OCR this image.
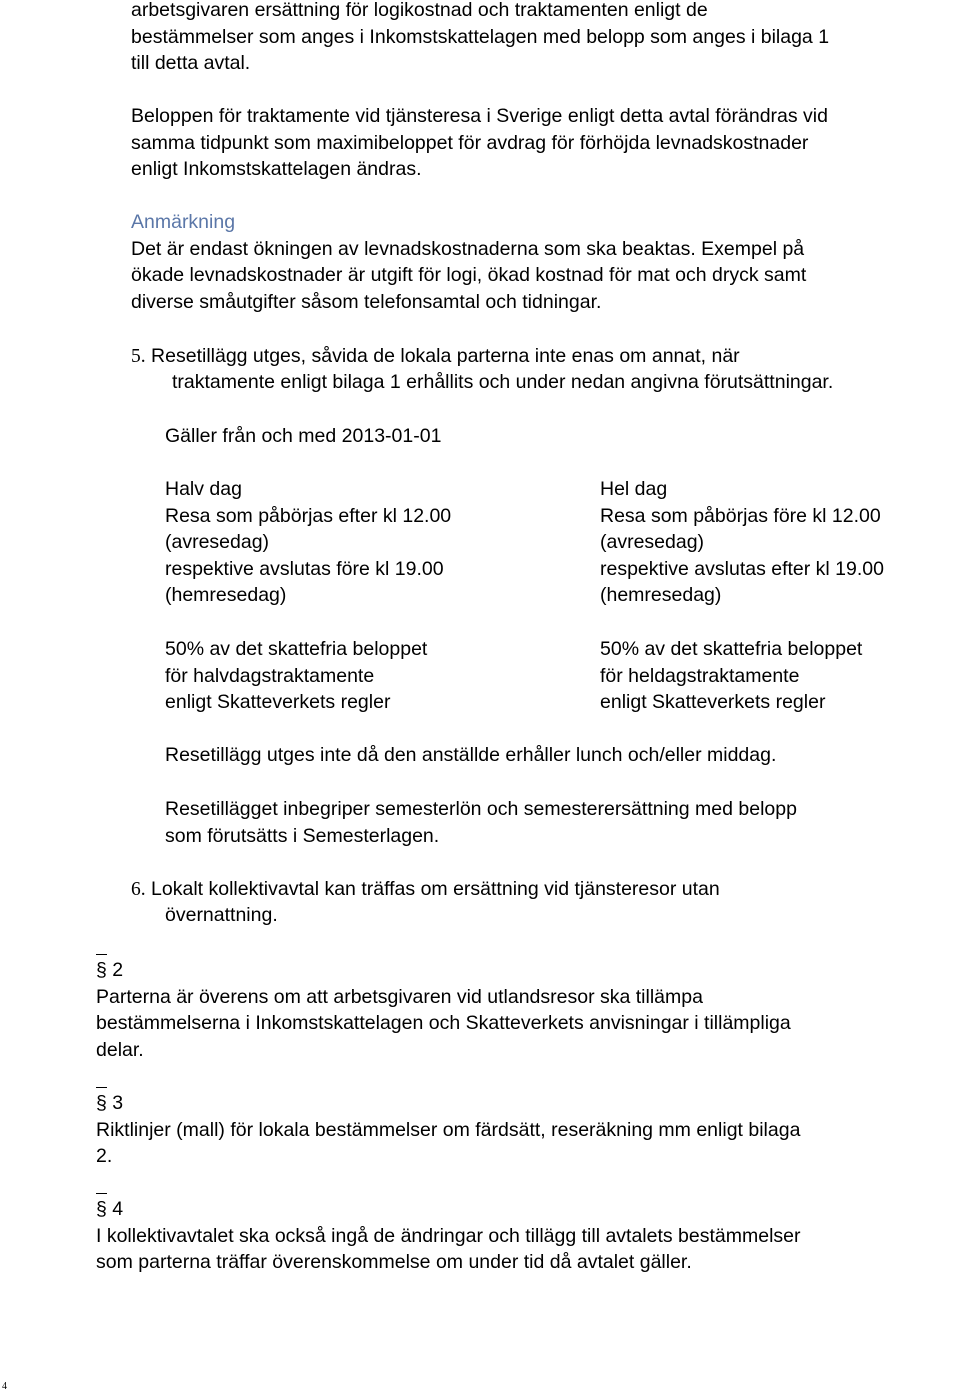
arbetsgivaren ersättning för logikostnad och traktamenten enligt de
bestämmelser som anges i Inkomstskattelagen med belopp som anges i bilaga 1
till detta avtal.
Beloppen för traktamente vid tjänsteresa i Sverige enligt detta avtal förändras vid
samma tidpunkt som maximibeloppet för avdrag för förhöjda levnadskostnader
enligt Inkomstskattelagen ändras.
Anmärkning
Det är endast ökningen av levnadskostnaderna som ska beaktas. Exempel på
ökade levnadskostnader är utgift för logi, ökad kostnad för mat och dryck samt
diverse småutgifter såsom telefonsamtal och tidningar.
5. Resetillägg utges, såvida de lokala parterna inte enas om annat, när
traktamente enligt bilaga 1 erhållits och under nedan angivna förutsättningar.
Gäller från och med 2013-01-01
Halv dag
Resa som påbörjas efter kl 12.00
(avresedag)
respektive avslutas före kl 19.00
(hemresedag)
50% av det skattefria beloppet
för halvdagstraktamente
enligt Skatteverkets regler
Hel dag
Resa som påbörjas före kl 12.00
(avresedag)
respektive avslutas efter kl 19.00
(hemresedag)
50% av det skattefria beloppet
för heldagstraktamente
enligt Skatteverkets regler
Resetillägg utges inte då den anställde erhåller lunch och/eller middag.
Resetillägget inbegriper semesterlön och semesterersättning med belopp
som förutsätts i Semesterlagen.
6. Lokalt kollektivavtal kan träffas om ersättning vid tjänsteresor utan
övernattning.
§ 2
Parterna är överens om att arbetsgivaren vid utlandsresor ska tillämpa
bestämmelserna i Inkomstskattelagen och Skatteverkets anvisningar i tillämpliga
delar.
§ 3
Riktlinjer (mall) för lokala bestämmelser om färdsätt, reseräkning mm enligt bilaga
2.
§ 4
I kollektivavtalet ska också ingå de ändringar och tillägg till avtalets bestämmelser
som parterna träffar överenskommelse om under tid då avtalet gäller.
4
